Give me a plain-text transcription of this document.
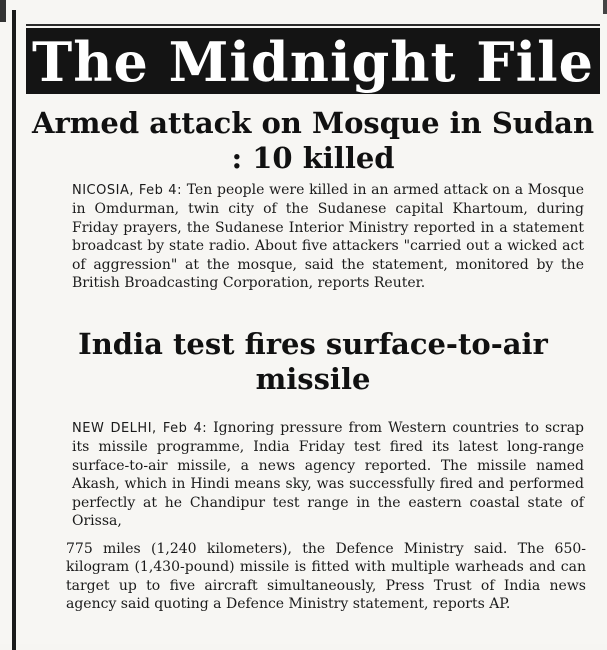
The Midnight File
Armed attack on Mosque in Sudan : 10 killed
NICOSIA, Feb 4: Ten people were killed in an armed attack on a Mosque in Omdurman, twin city of the Sudanese capital Khartoum, during Friday prayers, the Sudanese Interior Ministry reported in a statement broadcast by state radio. About five attackers "carried out a wicked act of aggression" at the mosque, said the statement, monitored by the British Broadcasting Corporation, reports Reuter.
India test fires surface-to-air missile
NEW DELHI, Feb 4: Ignoring pressure from Western countries to scrap its missile programme, India Friday test fired its latest long-range surface-to-air missile, a news agency reported. The missile named Akash, which in Hindi means sky, was successfully fired and performed perfectly at he Chandipur test range in the eastern coastal state of Orissa,
775 miles (1,240 kilometers), the Defence Ministry said. The 650-kilogram (1,430-pound) missile is fitted with multiple warheads and can target up to five aircraft simultaneously, Press Trust of India news agency said quoting a Defence Ministry statement, reports AP.
